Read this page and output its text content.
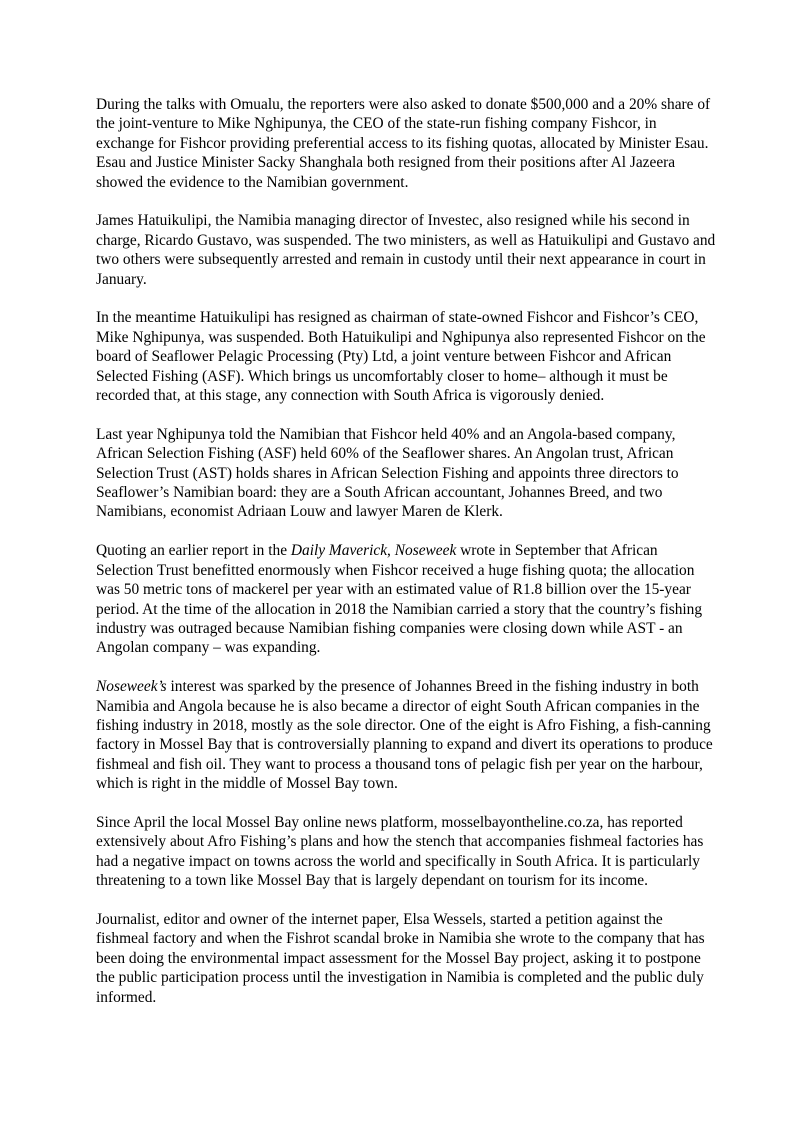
During the talks with Omualu, the reporters were also asked to donate $500,000 and a 20% share of the joint-venture to Mike Nghipunya, the CEO of the state-run fishing company Fishcor, in exchange for Fishcor providing preferential access to its fishing quotas, allocated by Minister Esau. Esau and Justice Minister Sacky Shanghala both resigned from their positions after Al Jazeera showed the evidence to the Namibian government.

James Hatuikulipi, the Namibia managing director of Investec, also resigned while his second in charge, Ricardo Gustavo, was suspended. The two ministers, as well as Hatuikulipi and Gustavo and two others were subsequently arrested and remain in custody until their next appearance in court in January.

In the meantime Hatuikulipi has resigned as chairman of state-owned Fishcor and Fishcor’s CEO, Mike Nghipunya, was suspended. Both Hatuikulipi and Nghipunya also represented Fishcor on the board of Seaflower Pelagic Processing (Pty) Ltd, a joint venture between Fishcor and African Selected Fishing (ASF). Which brings us uncomfortably closer to home– although it must be recorded that, at this stage, any connection with South Africa is vigorously denied.

Last year Nghipunya told the Namibian that Fishcor held 40% and an Angola-based company, African Selection Fishing (ASF) held 60% of the Seaflower shares. An Angolan trust, African Selection Trust (AST) holds shares in African Selection Fishing and appoints three directors to Seaflower’s Namibian board: they are a South African accountant, Johannes Breed, and two Namibians, economist Adriaan Louw and lawyer Maren de Klerk.

Quoting an earlier report in the Daily Maverick, Noseweek wrote in September that African Selection Trust benefitted enormously when Fishcor received a huge fishing quota; the allocation was 50 metric tons of mackerel per year with an estimated value of R1.8 billion over the 15-year period. At the time of the allocation in 2018 the Namibian carried a story that the country’s fishing industry was outraged because Namibian fishing companies were closing down while AST - an Angolan company – was expanding.

Noseweek’s interest was sparked by the presence of Johannes Breed in the fishing industry in both Namibia and Angola because he is also became a director of eight South African companies in the fishing industry in 2018, mostly as the sole director. One of the eight is Afro Fishing, a fish-canning factory in Mossel Bay that is controversially planning to expand and divert its operations to produce fishmeal and fish oil. They want to process a thousand tons of pelagic fish per year on the harbour, which is right in the middle of Mossel Bay town.

Since April the local Mossel Bay online news platform, mosselbayontheline.co.za, has reported extensively about Afro Fishing’s plans and how the stench that accompanies fishmeal factories has had a negative impact on towns across the world and specifically in South Africa. It is particularly threatening to a town like Mossel Bay that is largely dependant on tourism for its income.

Journalist, editor and owner of the internet paper, Elsa Wessels, started a petition against the fishmeal factory and when the Fishrot scandal broke in Namibia she wrote to the company that has been doing the environmental impact assessment for the Mossel Bay project, asking it to postpone the public participation process until the investigation in Namibia is completed and the public duly informed.
